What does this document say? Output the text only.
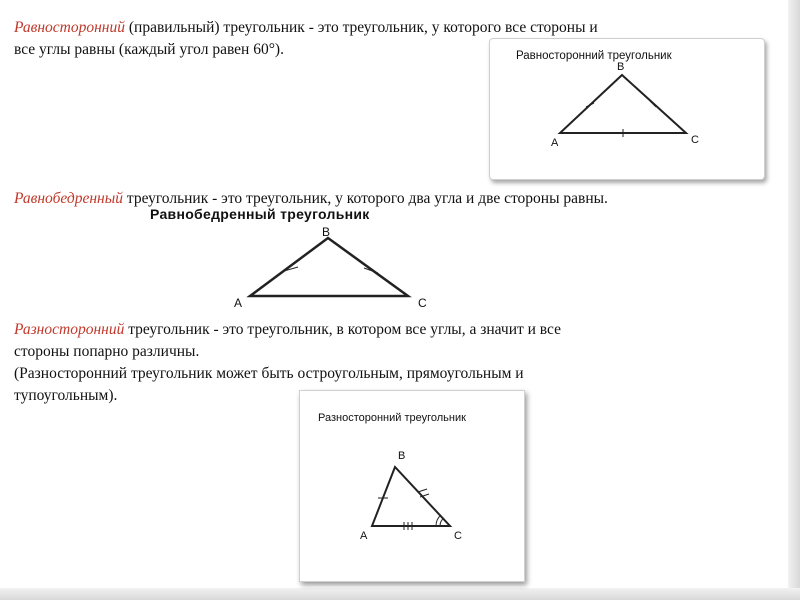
Равносторонний (правильный) треугольник - это треугольник, у которого все стороны и
все углы равны (каждый угол равен 60°).	Равносторонний треугольник
B
A	C
Равнобедренный треугольник
B
A	C

Равнобедренный треугольник - это треугольник, у которого два угла и две стороны равны.

Разносторонний треугольник - это треугольник, в котором все углы, а значит и все
стороны попарно различны.
(Разносторонний треугольник может быть остроугольным, прямоугольным и
тупоугольным).

Разносторонний треугольник
B
A	C
